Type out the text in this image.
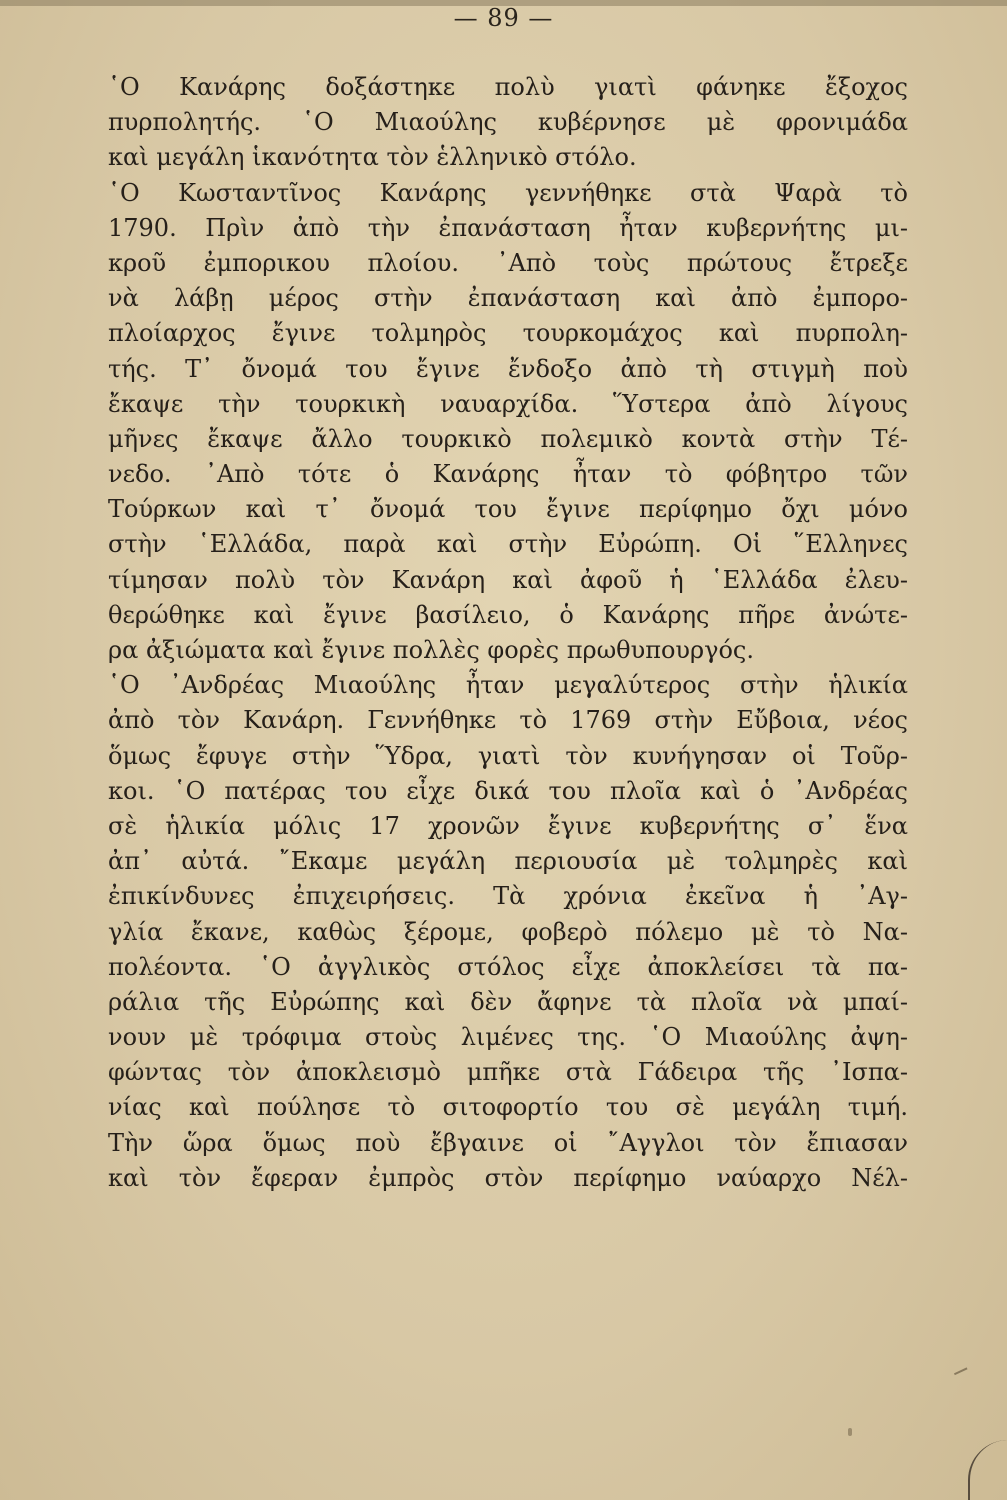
— 89 —
῾Ο Κανάρης δοξάστηκε πολὺ γιατὶ φάνηκε ἔξοχος
πυρπολητής. ῾Ο Μιαούλης κυβέρνησε μὲ φρονιμάδα
καὶ μεγάλη ἱκανότητα τὸν ἑλληνικὸ στόλο.
῾Ο Κωσταντῖνος Κανάρης γεννήθηκε στὰ Ψαρὰ τὸ
1790. Πρὶν ἀπὸ τὴν ἐπανάσταση ἦταν κυβερνήτης μι-
κροῦ ἐμπορικου πλοίου. ᾿Απὸ τοὺς πρώτους ἔτρεξε
νὰ λάβῃ μέρος στὴν ἐπανάσταση καὶ ἀπὸ ἐμπορο-
πλοίαρχος ἔγινε τολμηρὸς τουρκομάχος καὶ πυρπολη-
τής. Τ᾿ ὄνομά του ἔγινε ἔνδοξο ἀπὸ τὴ στιγμὴ ποὺ
ἔκαψε τὴν τουρκικὴ ναυαρχίδα. Ὕστερα ἀπὸ λίγους
μῆνες ἔκαψε ἄλλο τουρκικὸ πολεμικὸ κοντὰ στὴν Τέ-
νεδο. ᾿Απὸ τότε ὁ Κανάρης ἦταν τὸ φόβητρο τῶν
Τούρκων καὶ τ᾿ ὄνομά του ἔγινε περίφημο ὄχι μόνο
στὴν ῾Ελλάδα, παρὰ καὶ στὴν Εὐρώπη. Οἱ ῞Ελληνες
τίμησαν πολὺ τὸν Κανάρη καὶ ἀφοῦ ἡ ῾Ελλάδα ἐλευ-
θερώθηκε καὶ ἔγινε βασίλειο, ὁ Κανάρης πῆρε ἀνώτε-
ρα ἀξιώματα καὶ ἔγινε πολλὲς φορὲς πρωθυπουργός.
῾Ο ᾿Ανδρέας Μιαούλης ἦταν μεγαλύτερος στὴν ἡλικία
ἀπὸ τὸν Κανάρη. Γεννήθηκε τὸ 1769 στὴν Εὔβοια, νέος
ὅμως ἔφυγε στὴν Ὕδρα, γιατὶ τὸν κυνήγησαν οἱ Τοῦρ-
κοι. ῾Ο πατέρας του εἶχε δικά του πλοῖα καὶ ὁ ᾿Ανδρέας
σὲ ἡλικία μόλις 17 χρονῶν ἔγινε κυβερνήτης σ᾿ ἕνα
ἀπ᾿ αὐτά. ῎Εκαμε μεγάλη περιουσία μὲ τολμηρὲς καὶ
ἐπικίνδυνες ἐπιχειρήσεις. Τὰ χρόνια ἐκεῖνα ἡ ᾿Αγ-
γλία ἔκανε, καθὼς ξέρομε, φοβερὸ πόλεμο μὲ τὸ Να-
πολέοντα. ῾Ο ἀγγλικὸς στόλος εἶχε ἀποκλείσει τὰ πα-
ράλια τῆς Εὐρώπης καὶ δὲν ἄφηνε τὰ πλοῖα νὰ μπαί-
νουν μὲ τρόφιμα στοὺς λιμένες της. ῾Ο Μιαούλης ἀψη-
φώντας τὸν ἀποκλεισμὸ μπῆκε στὰ Γάδειρα τῆς ᾿Ισπα-
νίας καὶ πούλησε τὸ σιτοφορτίο του σὲ μεγάλη τιμή.
Τὴν ὥρα ὅμως ποὺ ἔβγαινε οἱ ῎Αγγλοι τὸν ἔπιασαν
καὶ τὸν ἔφεραν ἐμπρὸς στὸν περίφημο ναύαρχο Νέλ-
